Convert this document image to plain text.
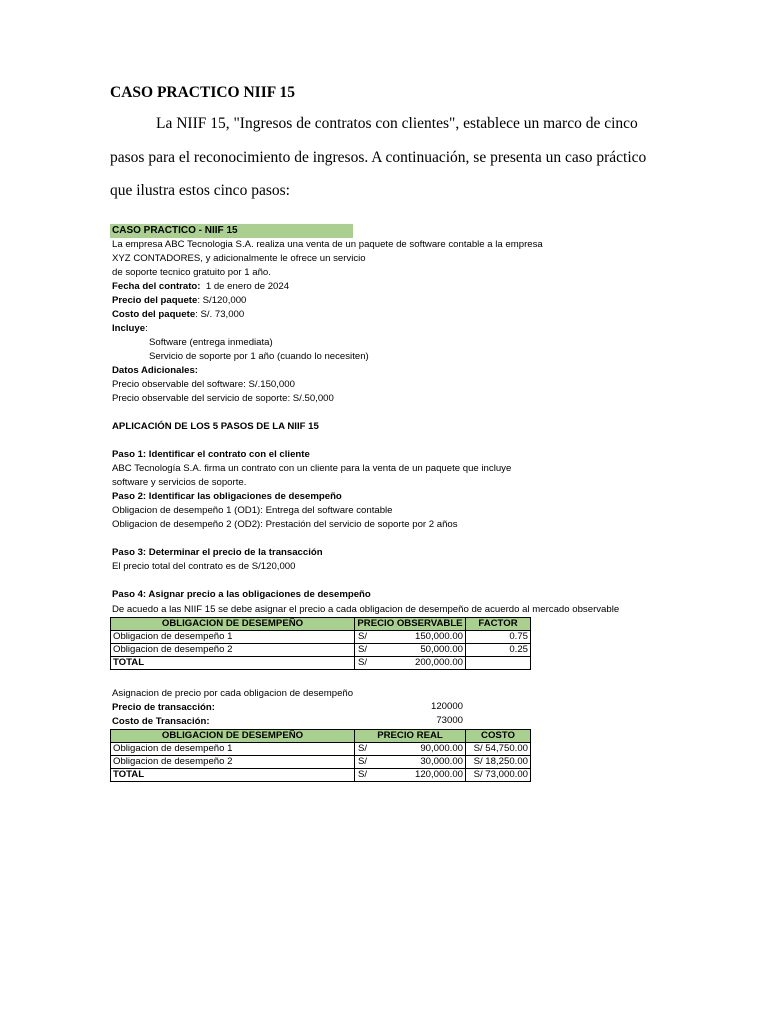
CASO PRACTICO NIIF 15
La NIIF 15, "Ingresos de contratos con clientes", establece un marco de cinco
pasos para el reconocimiento de ingresos. A continuación, se presenta un caso práctico
que ilustra estos cinco pasos:
CASO PRACTICO - NIIF 15
La empresa ABC Tecnologia S.A. realiza una venta de un paquete de software contable a la empresa
XYZ CONTADORES, y adicionalmente le ofrece un servicio
de soporte tecnico gratuito por 1 año.
Fecha del contrato: 1 de enero de 2024
Precio del paquete: S/120,000
Costo del paquete: S/. 73,000
Incluye:
Software (entrega inmediata)
Servicio de soporte por 1 año (cuando lo necesiten)
Datos Adicionales:
Precio observable del software: S/.150,000
Precio observable del servicio de soporte: S/.50,000
APLICACIÓN DE LOS 5 PASOS DE LA NIIF 15
Paso 1: Identificar el contrato con el cliente
ABC Tecnología S.A. firma un contrato con un cliente para la venta de un paquete que incluye
software y servicios de soporte.
Paso 2: Identificar las obligaciones de desempeño
Obligacion de desempeño 1 (OD1): Entrega del software contable
Obligacion de desempeño 2 (OD2): Prestación del servicio de soporte por 2 años
Paso 3: Determinar el precio de la transacción
El precio total del contrato es de S/120,000
Paso 4: Asignar precio a las obligaciones de desempeño
De acuedo a las NIIF 15 se debe asignar el precio a cada obligacion de desempeño de acuerdo al mercado observable
OBLIGACION DE DESEMPEÑO	PRECIO OBSERVABLE	FACTOR
Obligacion de desempeño 1	S/ 150,000.00	0.75
Obligacion de desempeño 2	S/ 50,000.00	0.25
TOTAL	S/ 200,000.00	

Asignacion de precio por cada obligacion de desempeño
Precio de transacción:	120000
Costo de Transación:	73000
OBLIGACION DE DESEMPEÑO	PRECIO REAL	COSTO
Obligacion de desempeño 1	S/ 90,000.00	S/ 54,750.00
Obligacion de desempeño 2	S/ 30,000.00	S/ 18,250.00
TOTAL	S/ 120,000.00	S/ 73,000.00
